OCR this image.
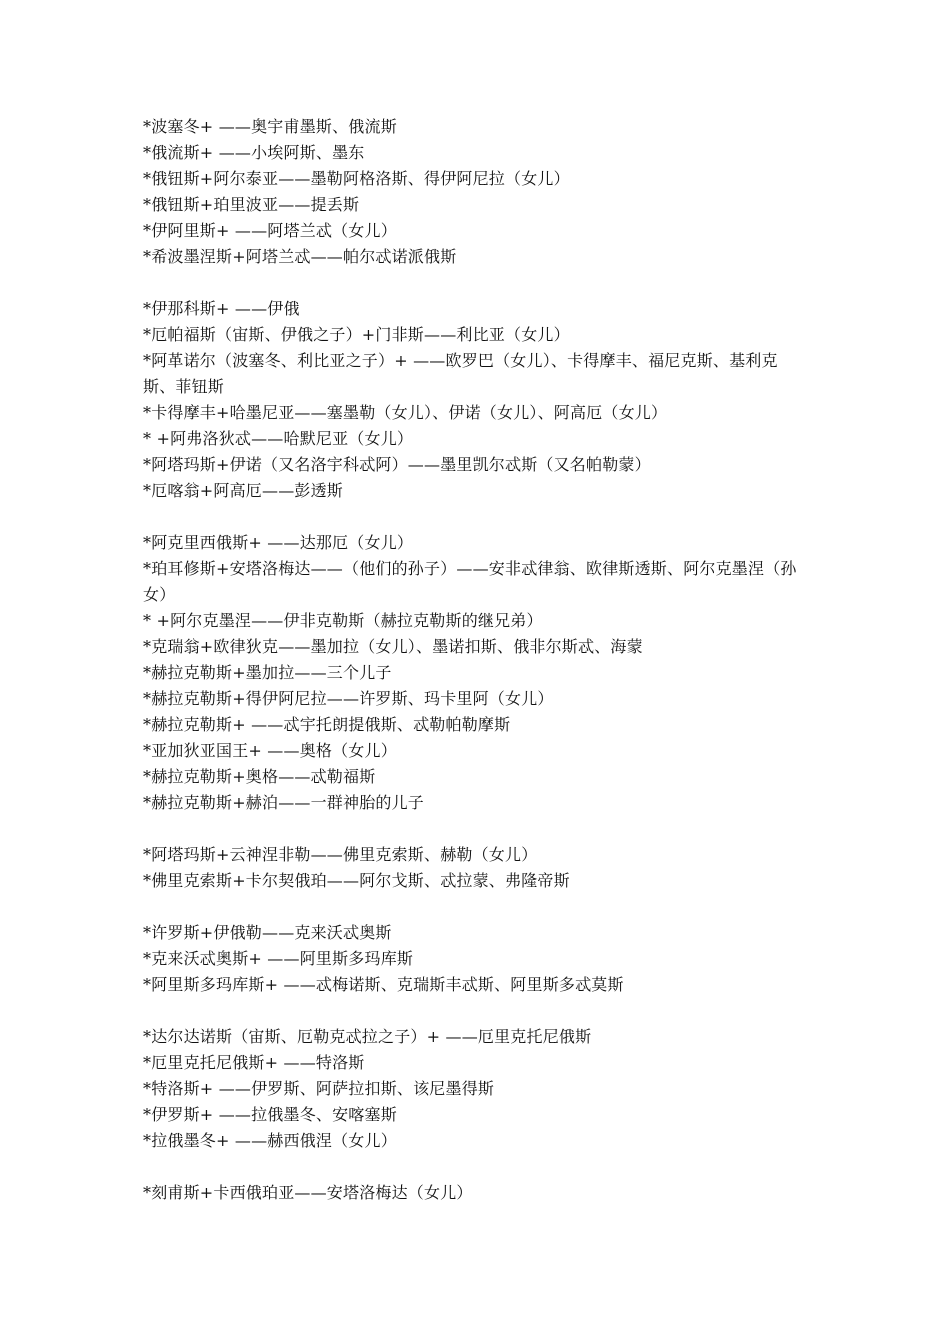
*波塞冬+ ——奥宇甫墨斯、俄流斯
*俄流斯+ ——小埃阿斯、墨东
*俄钮斯+阿尔泰亚——墨勒阿格洛斯、得伊阿尼拉（女儿）
*俄钮斯+珀里波亚——提丢斯
*伊阿里斯+ ——阿塔兰忒（女儿）
*希波墨涅斯+阿塔兰忒——帕尔忒诺派俄斯
*伊那科斯+ ——伊俄
*厄帕福斯（宙斯、伊俄之子）+门非斯——利比亚（女儿）
*阿革诺尔（波塞冬、利比亚之子）+ ——欧罗巴（女儿）、卡得摩丰、福尼克斯、基利克斯、菲钮斯
*卡得摩丰+哈墨尼亚——塞墨勒（女儿）、伊诺（女儿）、阿高厄（女儿）
* +阿弗洛狄忒——哈默尼亚（女儿）
*阿塔玛斯+伊诺（又名洛宇科忒阿）——墨里凯尔忒斯（又名帕勒蒙）
*厄喀翁+阿高厄——彭透斯
*阿克里西俄斯+ ——达那厄（女儿）
*珀耳修斯+安塔洛梅达——（他们的孙子）——安非忒律翁、欧律斯透斯、阿尔克墨涅（孙女）
* +阿尔克墨涅——伊非克勒斯（赫拉克勒斯的继兄弟）
*克瑞翁+欧律狄克——墨加拉（女儿）、墨诺扣斯、俄非尔斯忒、海蒙
*赫拉克勒斯+墨加拉——三个儿子
*赫拉克勒斯+得伊阿尼拉——许罗斯、玛卡里阿（女儿）
*赫拉克勒斯+ ——忒宇托朗提俄斯、忒勒帕勒摩斯
*亚加狄亚国王+ ——奥格（女儿）
*赫拉克勒斯+奥格——忒勒福斯
*赫拉克勒斯+赫泊——一群神胎的儿子
*阿塔玛斯+云神涅非勒——佛里克索斯、赫勒（女儿）
*佛里克索斯+卡尔契俄珀——阿尔戈斯、忒拉蒙、弗隆帝斯
*许罗斯+伊俄勒——克来沃忒奥斯
*克来沃忒奥斯+ ——阿里斯多玛库斯
*阿里斯多玛库斯+ ——忒梅诺斯、克瑞斯丰忒斯、阿里斯多忒莫斯
*达尔达诺斯（宙斯、厄勒克忒拉之子）+ ——厄里克托尼俄斯
*厄里克托尼俄斯+ ——特洛斯
*特洛斯+ ——伊罗斯、阿萨拉扣斯、该尼墨得斯
*伊罗斯+ ——拉俄墨冬、安喀塞斯
*拉俄墨冬+ ——赫西俄涅（女儿）
*刻甫斯+卡西俄珀亚——安塔洛梅达（女儿）
